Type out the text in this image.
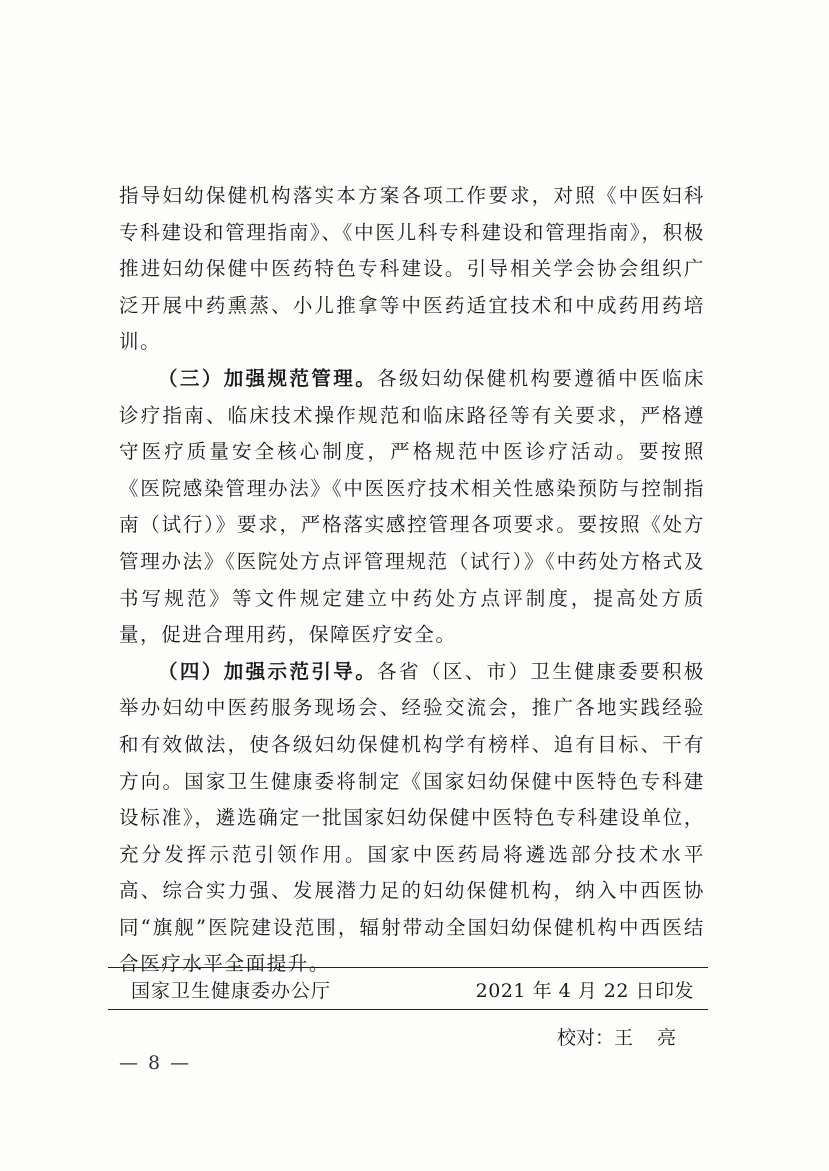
指导妇幼保健机构落实本方案各项工作要求，对照《中医妇科专科建设和管理指南》、《中医儿科专科建设和管理指南》，积极推进妇幼保健中医药特色专科建设。引导相关学会协会组织广泛开展中药熏蒸、小儿推拿等中医药适宜技术和中成药用药培训。

（三）加强规范管理。各级妇幼保健机构要遵循中医临床诊疗指南、临床技术操作规范和临床路径等有关要求，严格遵守医疗质量安全核心制度，严格规范中医诊疗活动。要按照《医院感染管理办法》《中医医疗技术相关性感染预防与控制指南（试行）》要求，严格落实感控管理各项要求。要按照《处方管理办法》《医院处方点评管理规范（试行）》《中药处方格式及书写规范》等文件规定建立中药处方点评制度，提高处方质量，促进合理用药，保障医疗安全。

（四）加强示范引导。各省（区、市）卫生健康委要积极举办妇幼中医药服务现场会、经验交流会，推广各地实践经验和有效做法，使各级妇幼保健机构学有榜样、追有目标、干有方向。国家卫生健康委将制定《国家妇幼保健中医特色专科建设标准》，遴选确定一批国家妇幼保健中医特色专科建设单位，充分发挥示范引领作用。国家中医药局将遴选部分技术水平高、综合实力强、发展潜力足的妇幼保健机构，纳入中西医协同“旗舰”医院建设范围，辐射带动全国妇幼保健机构中西医结合医疗水平全面提升。

国家卫生健康委办公厅	2021 年 4 月 22 日印发
校对：王 亮
— 8 —
